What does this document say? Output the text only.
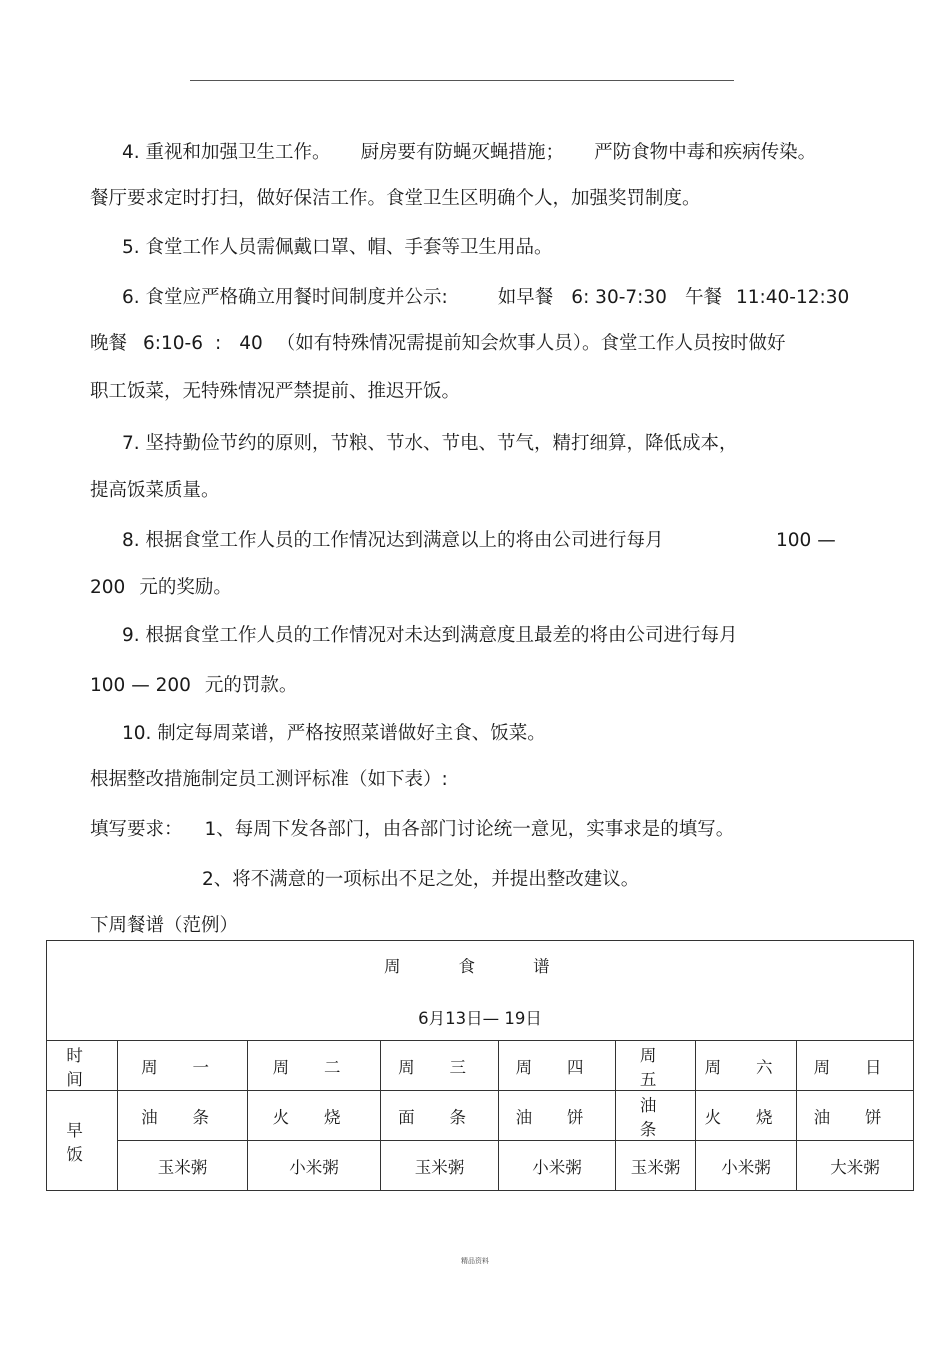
4. 重视和加强卫生工作。 厨房要有防蝇灭蝇措施； 严防食物中毒和疾病传染。
餐厅要求定时打扫，做好保洁工作。食堂卫生区明确个人，加强奖罚制度。
5. 食堂工作人员需佩戴口罩、帽、手套等卫生用品。
6. 食堂应严格确立用餐时间制度并公示:	如早餐 6: 30-7:30 午餐 11:40-12:30
晚餐 6:10-6 : 40 （如有特殊情况需提前知会炊事人员）。食堂工作人员按时做好
职工饭菜，无特殊情况严禁提前、推迟开饭。
7. 坚持勤俭节约的原则，节粮、节水、节电、节气，精打细算，降低成本，
提高饭菜质量。
8. 根据食堂工作人员的工作情况达到满意以上的将由公司进行每月	100 —
200 元的奖励。
9. 根据食堂工作人员的工作情况对未达到满意度且最差的将由公司进行每月
100 — 200 元的罚款。
10. 制定每周菜谱，严格按照菜谱做好主食、饭菜。
根据整改措施制定员工测评标准（如下表）:
填写要求： 1、每周下发各部门，由各部门讨论统一意见，实事求是的填写。
2、将不满意的一项标出不足之处，并提出整改建议。
下周餐谱（范例）
周 食 谱
6月13日— 19日							

时 间	周 一	周 二	周 三	周 四	周 五	周 六	周 日
早 饭	油 条	火 烧	面 条	油 饼	油 条	火 烧	油 饼
	玉米粥	小米粥	玉米粥	小米粥	玉米粥	小米粥	大米粥
精品资料
